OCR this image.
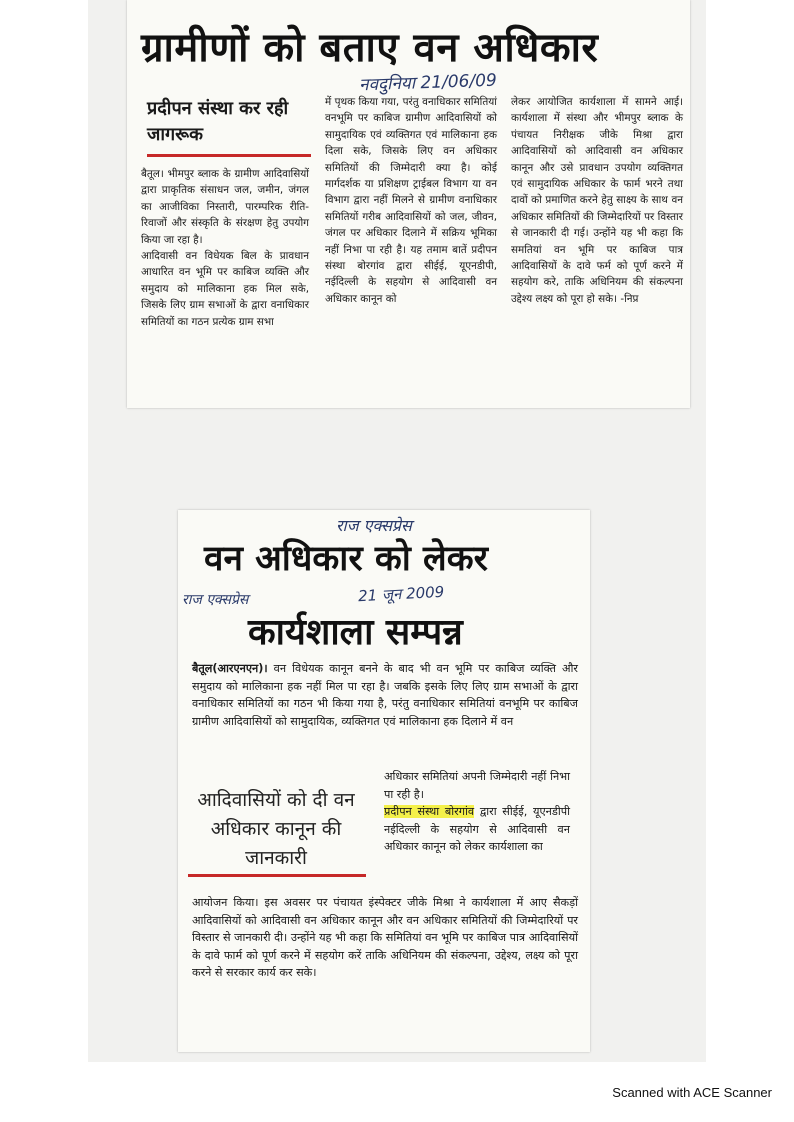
ग्रामीणों को बताए वन अधिकार
नवदुनिया 21/06/09
प्रदीपन संस्था कर रही जागरूक

बैतूल। भीमपुर ब्लाक के ग्रामीण आदिवासियों द्वारा प्राकृतिक संसाधन जल, जमीन, जंगल का आजीविका निस्तारी, पारम्परिक रीति-रिवाजों और संस्कृति के संरक्षण हेतु उपयोग किया जा रहा है।

आदिवासी वन विधेयक बिल के प्रावधान आधारित वन भूमि पर काबिज व्यक्ति और समुदाय को मालिकाना हक मिल सके, जिसके लिए ग्राम सभाओं के द्वारा वनाधिकार समितियों का गठन प्रत्येक ग्राम सभा

में पृथक किया गया, परंतु वनाधिकार समितियां वनभूमि पर काबिज ग्रामीण आदिवासियों को सामुदायिक एवं व्यक्तिगत एवं मालिकाना हक दिला सके, जिसके लिए वन अधिकार समितियों की जिम्मेदारी क्या है। कोई मार्गदर्शक या प्रशिक्षण ट्राईबल विभाग या वन विभाग द्वारा नहीं मिलने से ग्रामीण वनाधिकार समितियों गरीब आदिवासियों को जल, जीवन, जंगल पर अधिकार दिलाने में सक्रिय भूमिका नहीं निभा पा रही है। यह तमाम बातें प्रदीपन संस्था बोरगांव द्वारा सीईई, यूएनडीपी, नईदिल्ली के सहयोग से आदिवासी वन अधिकार कानून को
लेकर आयोजित कार्यशाला में सामने आई। कार्यशाला में संस्था और भीमपुर ब्लाक के पंचायत निरीक्षक जीके मिश्रा द्वारा आदिवासियों को आदिवासी वन अधिकार कानून और उसे प्रावधान उपयोग व्यक्तिगत एवं सामुदायिक अधिकार के फार्म भरने तथा दावों को प्रमाणित करने हेतु साक्ष्य के साथ वन अधिकार समितियों की जिम्मेदारियों पर विस्तार से जानकारी दी गई। उन्होंने यह भी कहा कि समतियां वन भूमि पर काबिज पात्र आदिवासियों के दावे फर्म को पूर्ण करने में सहयोग करे, ताकि अधिनियम की संकल्पना उद्देश्य लक्ष्य को पूरा हो सके। -निप्र
राज एक्सप्रेस
वन अधिकार को लेकर
राज एक्सप्रेस	21 जून 2009
कार्यशाला सम्पन्न

बैतूल(आरएनएन)। वन विधेयक कानून बनने के बाद भी वन भूमि पर काबिज व्यक्ति और समुदाय को मालिकाना हक नहीं मिल पा रहा है। जबकि इसके लिए लिए ग्राम सभाओं के द्वारा वनाधिकार समितियों का गठन भी किया गया है, परंतु वनाधिकार समितियां वनभूमि पर काबिज ग्रामीण आदिवासियों को सामुदायिक, व्यक्तिगत एवं मालिकाना हक दिलाने में वन

आदिवासियों को दी वन अधिकार कानून की जानकारी

अधिकार समितियां अपनी जिम्मेदारी नहीं निभा पा रही है।

प्रदीपन संस्था बोरगांव द्वारा सीईई, यूएनडीपी नईदिल्ली के सहयोग से आदिवासी वन अधिकार कानून को लेकर कार्यशाला का

आयोजन किया। इस अवसर पर पंचायत इंस्पेक्टर जीके मिश्रा ने कार्यशाला में आए सैकड़ों आदिवासियों को आदिवासी वन अधिकार कानून और वन अधिकार समितियों की जिम्मेदारियों पर विस्तार से जानकारी दी। उन्होंने यह भी कहा कि समितियां वन भूमि पर काबिज पात्र आदिवासियों के दावे फार्म को पूर्ण करने में सहयोग करें ताकि अधिनियम की संकल्पना, उद्देश्य, लक्ष्य को पूरा करने से सरकार कार्य कर सके।
Scanned with ACE Scanner
